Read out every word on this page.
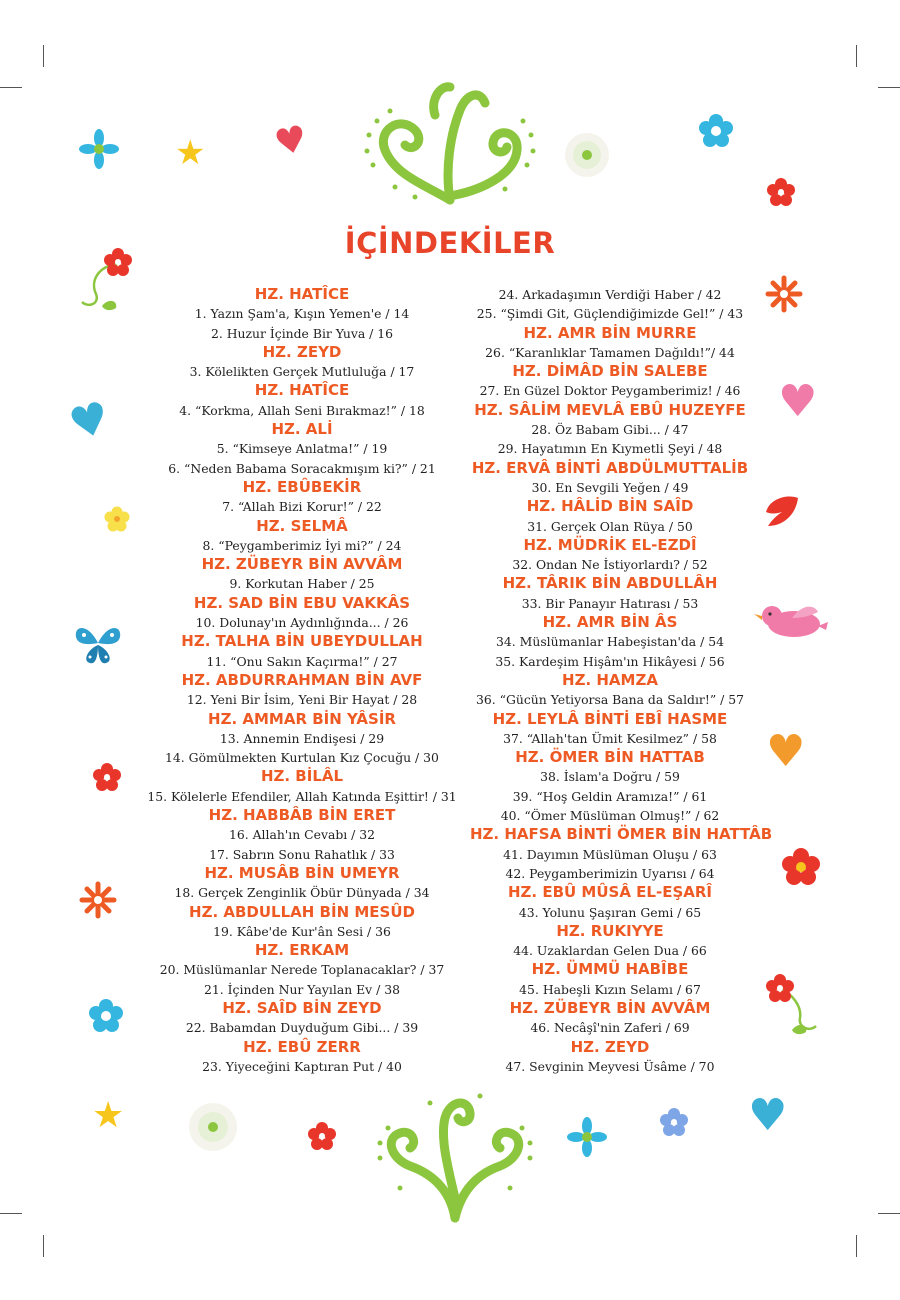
★ ♥
♥	♥
♥
★	♥
İÇİNDEKİLER
HZ. HATÎCE
1. Yazın Şam'a, Kışın Yemen'e / 14
2. Huzur İçinde Bir Yuva / 16
HZ. ZEYD
3. Kölelikten Gerçek Mutluluğa / 17
HZ. HATÎCE
4. “Korkma, Allah Seni Bırakmaz!” / 18
HZ. ALİ
5. “Kimseye Anlatma!” / 19
6. “Neden Babama Soracakmışım ki?” / 21
HZ. EBÛBEKİR
7. “Allah Bizi Korur!” / 22
HZ. SELMÂ
8. “Peygamberimiz İyi mi?” / 24
HZ. ZÜBEYR BİN AVVÂM
9. Korkutan Haber / 25
HZ. SAD BİN EBU VAKKÂS
10. Dolunay'ın Aydınlığında... / 26
HZ. TALHA BİN UBEYDULLAH
11. “Onu Sakın Kaçırma!” / 27
HZ. ABDURRAHMAN BİN AVF
12. Yeni Bir İsim, Yeni Bir Hayat / 28
HZ. AMMAR BİN YÂSİR
13. Annemin Endişesi / 29
14. Gömülmekten Kurtulan Kız Çocuğu / 30
HZ. BİLÂL
15. Kölelerle Efendiler, Allah Katında Eşittir! / 31
HZ. HABBÂB BİN ERET
16. Allah'ın Cevabı / 32
17. Sabrın Sonu Rahatlık / 33
HZ. MUSÂB BİN UMEYR
18. Gerçek Zenginlik Öbür Dünyada / 34
HZ. ABDULLAH BİN MESÛD
19. Kâbe'de Kur'ân Sesi / 36
HZ. ERKAM
20. Müslümanlar Nerede Toplanacaklar? / 37
21. İçinden Nur Yayılan Ev / 38
HZ. SAÎD BİN ZEYD
22. Babamdan Duyduğum Gibi... / 39
HZ. EBÛ ZERR
23. Yiyeceğini Kaptıran Put / 40
24. Arkadaşımın Verdiği Haber / 42
25. “Şimdi Git, Güçlendiğimizde Gel!” / 43
HZ. AMR BİN MURRE
26. “Karanlıklar Tamamen Dağıldı!”/ 44
HZ. DİMÂD BİN SALEBE
27. En Güzel Doktor Peygamberimiz! / 46
HZ. SÂLİM MEVLÂ EBÛ HUZEYFE
28. Öz Babam Gibi... / 47
29. Hayatımın En Kıymetli Şeyi / 48
HZ. ERVÂ BİNTİ ABDÜLMUTTALİB
30. En Sevgili Yeğen / 49
HZ. HÂLİD BİN SAÎD
31. Gerçek Olan Rüya / 50
HZ. MÜDRİK EL-EZDÎ
32. Ondan Ne İstiyorlardı? / 52
HZ. TÂRIK BİN ABDULLÂH
33. Bir Panayır Hatırası / 53
HZ. AMR BİN ÂS
34. Müslümanlar Habeşistan'da / 54
35. Kardeşim Hişâm'ın Hikâyesi / 56
HZ. HAMZA
36. “Gücün Yetiyorsa Bana da Saldır!” / 57
HZ. LEYLÂ BİNTİ EBÎ HASME
37. “Allah'tan Ümit Kesilmez” / 58
HZ. ÖMER BİN HATTAB
38. İslam'a Doğru / 59
39. “Hoş Geldin Aramıza!” / 61
40. “Ömer Müslüman Olmuş!” / 62
HZ. HAFSA BİNTİ ÖMER BİN HATTÂB
41. Dayımın Müslüman Oluşu / 63
42. Peygamberimizin Uyarısı / 64
HZ. EBÛ MÛSÂ EL-EŞARÎ
43. Yolunu Şaşıran Gemi / 65
HZ. RUKIYYE
44. Uzaklardan Gelen Dua / 66
HZ. ÜMMÜ HABÎBE
45. Habeşli Kızın Selamı / 67
HZ. ZÜBEYR BİN AVVÂM
46. Necâşî'nin Zaferi / 69
HZ. ZEYD
47. Sevginin Meyvesi Üsâme / 70
